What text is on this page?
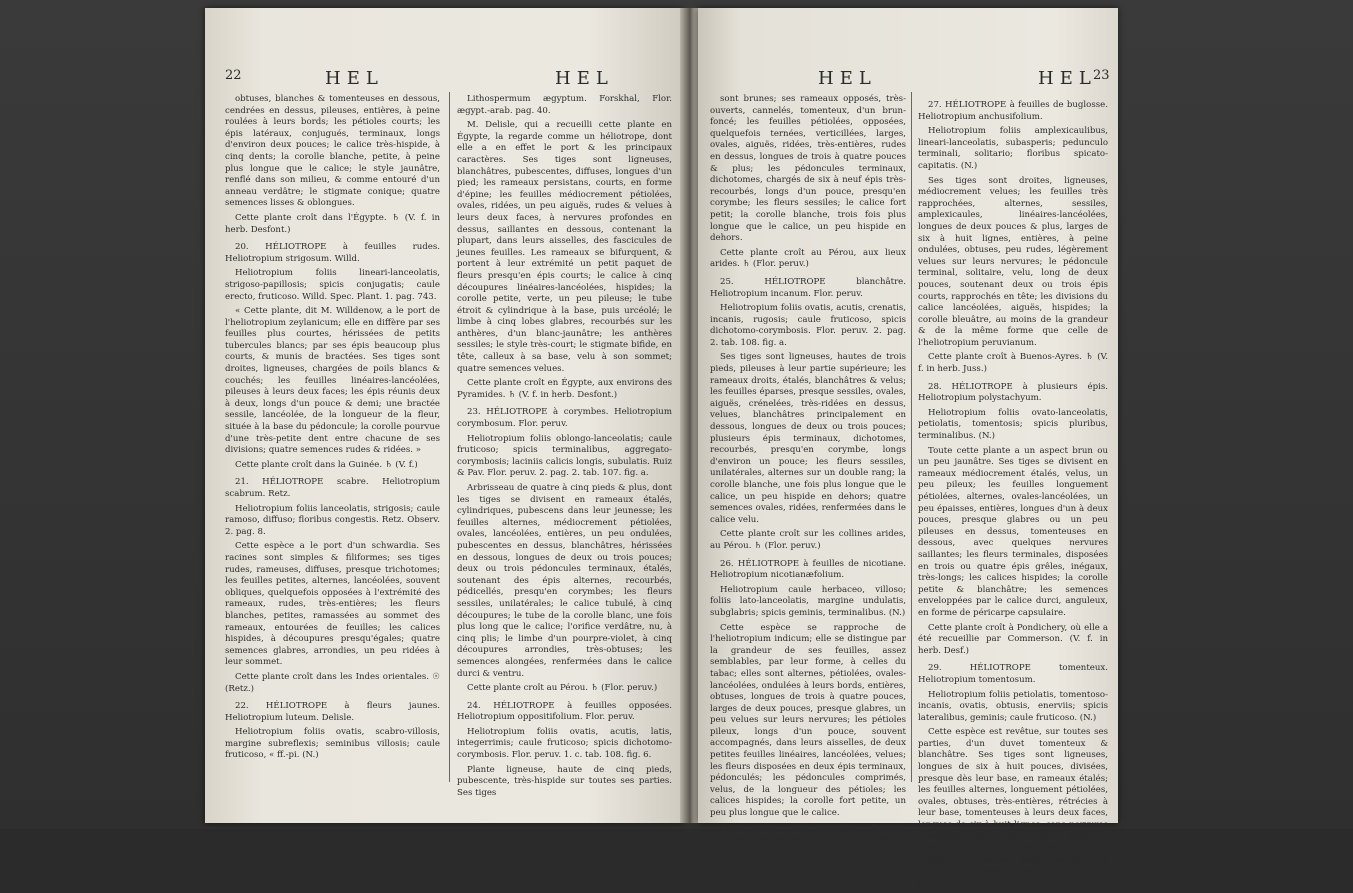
22	HEL	HEL

obtuses, blanches & tomenteuses en dessous, cendrées en dessus, pileuses, entières, à peine roulées à leurs bords; les pétioles courts; les épis latéraux, conjugués, terminaux, longs d'environ deux pouces; le calice très-hispide, à cinq dents; la corolle blanche, petite, à peine plus longue que le calice; le style jaunâtre, renflé dans son milieu, & comme entouré d'un anneau verdâtre; le stigmate conique; quatre semences lisses & oblongues.

Cette plante croît dans l'Égypte. ♄ (V. f. in herb. Desfont.)

20. HÉLIOTROPE à feuilles rudes. Heliotropium strigosum. Willd.

Heliotropium foliis lineari-lanceolatis, strigoso-papillosis; spicis conjugatis; caule erecto, fruticoso. Willd. Spec. Plant. 1. pag. 743.

« Cette plante, dit M. Willdenow, a le port de l'heliotropium zeylanicum; elle en diffère par ses feuilles plus courtes, hérissées de petits tubercules blancs; par ses épis beaucoup plus courts, & munis de bractées. Ses tiges sont droites, ligneuses, chargées de poils blancs & couchés; les feuilles linéaires-lancéolées, pileuses à leurs deux faces; les épis réunis deux à deux, longs d'un pouce & demi; une bractée sessile, lancéolée, de la longueur de la fleur, située à la base du pédoncule; la corolle pourvue d'une très-petite dent entre chacune de ses divisions; quatre semences rudes & ridées. »

Cette plante croît dans la Guinée. ♄ (V. f.)

21. HÉLIOTROPE scabre. Heliotropium scabrum. Retz.

Heliotropium foliis lanceolatis, strigosis; caule ramoso, diffuso; floribus congestis. Retz. Observ. 2. pag. 8.

Cette espèce a le port d'un schwardia. Ses racines sont simples & filiformes; ses tiges rudes, rameuses, diffuses, presque trichotomes; les feuilles petites, alternes, lancéolées, souvent obliques, quelquefois opposées à l'extrémité des rameaux, rudes, très-entières; les fleurs blanches, petites, ramassées au sommet des rameaux, entourées de feuilles; les calices hispides, à découpures presqu'égales; quatre semences glabres, arrondies, un peu ridées à leur sommet.

Cette plante croît dans les Indes orientales. ☉ (Retz.)

22. HÉLIOTROPE à fleurs jaunes. Heliotropium luteum. Delisle.

Heliotropium foliis ovatis, scabro-villosis, margine subreflexis; seminibus villosis; caule fruticoso, « ff.-pi. (N.)

Lithospermum ægyptum. Forskhal, Flor. ægypt.-arab. pag. 40.

M. Delisle, qui a recueilli cette plante en Égypte, la regarde comme un héliotrope, dont elle a en effet le port & les principaux caractères. Ses tiges sont ligneuses, blanchâtres, pubescentes, diffuses, longues d'un pied; les rameaux persistans, courts, en forme d'épine; les feuilles médiocrement pétiolées, ovales, ridées, un peu aiguës, rudes & velues à leurs deux faces, à nervures profondes en dessus, saillantes en dessous, contenant la plupart, dans leurs aisselles, des fascicules de jeunes feuilles. Les rameaux se bifurquent, & portent à leur extrémité un petit paquet de fleurs presqu'en épis courts; le calice à cinq découpures linéaires-lancéolées, hispides; la corolle petite, verte, un peu pileuse; le tube étroit & cylindrique à la base, puis urcéolé; le limbe à cinq lobes glabres, recourbés sur les anthères, d'un blanc-jaunâtre; les anthères sessiles; le style très-court; le stigmate bifide, en tête, calleux à sa base, velu à son sommet; quatre semences velues.

Cette plante croît en Égypte, aux environs des Pyramides. ♄ (V. f. in herb. Desfont.)

23. HÉLIOTROPE à corymbes. Heliotropium corymbosum. Flor. peruv.

Heliotropium foliis oblongo-lanceolatis; caule fruticoso; spicis terminalibus, aggregato-corymbosis; laciniis calicis longis, subulatis. Ruiz & Pav. Flor. peruv. 2. pag. 2. tab. 107. fig. a.

Arbrisseau de quatre à cinq pieds & plus, dont les tiges se divisent en rameaux étalés, cylindriques, pubescens dans leur jeunesse; les feuilles alternes, médiocrement pétiolées, ovales, lancéolées, entières, un peu ondulées, pubescentes en dessus, blanchâtres, hérissées en dessous, longues de deux ou trois pouces; deux ou trois pédoncules terminaux, étalés, soutenant des épis alternes, recourbés, pédicellés, presqu'en corymbes; les fleurs sessiles, unilatérales; le calice tubulé, à cinq découpures; le tube de la corolle blanc, une fois plus long que le calice; l'orifice verdâtre, nu, à cinq plis; le limbe d'un pourpre-violet, à cinq découpures arrondies, très-obtuses; les semences alongées, renfermées dans le calice durci & ventru.

Cette plante croît au Pérou. ♄ (Flor. peruv.)

24. HÉLIOTROPE à feuilles opposées. Heliotropium oppositifolium. Flor. peruv.

Heliotropium foliis ovatis, acutis, latis, integerrimis; caule fruticoso; spicis dichotomo-corymbosis. Flor. peruv. 1. c. tab. 108. fig. 6.

Plante ligneuse, haute de cinq pieds, pubescente, très-hispide sur toutes ses parties. Ses tiges

23
HEL	HEL

sont brunes; ses rameaux opposés, très-ouverts, cannelés, tomenteux, d'un brun-foncé; les feuilles pétiolées, opposées, quelquefois ternées, verticillées, larges, ovales, aiguës, ridées, très-entières, rudes en dessus, longues de trois à quatre pouces & plus; les pédoncules terminaux, dichotomes, chargés de six à neuf épis très-recourbés, longs d'un pouce, presqu'en corymbe; les fleurs sessiles; le calice fort petit; la corolle blanche, trois fois plus longue que le calice, un peu hispide en dehors.

Cette plante croît au Pérou, aux lieux arides. ♄ (Flor. peruv.)

25. HÉLIOTROPE blanchâtre. Heliotropium incanum. Flor. peruv.

Heliotropium foliis ovatis, acutis, crenatis, incanis, rugosis; caule fruticoso, spicis dichotomo-corymbosis. Flor. peruv. 2. pag. 2. tab. 108. fig. a.

Ses tiges sont ligneuses, hautes de trois pieds, pileuses à leur partie supérieure; les rameaux droits, étalés, blanchâtres & velus; les feuilles éparses, presque sessiles, ovales, aiguës, crénelées, très-ridées en dessus, velues, blanchâtres principalement en dessous, longues de deux ou trois pouces; plusieurs épis terminaux, dichotomes, recourbés, presqu'en corymbe, longs d'environ un pouce; les fleurs sessiles, unilatérales, alternes sur un double rang; la corolle blanche, une fois plus longue que le calice, un peu hispide en dehors; quatre semences ovales, ridées, renfermées dans le calice velu.

Cette plante croît sur les collines arides, au Pérou. ♄ (Flor. peruv.)

26. HÉLIOTROPE à feuilles de nicotiane. Heliotropium nicotianæfolium.

Heliotropium caule herbaceo, villoso; foliis lato-lanceolatis, margine undulatis, subglabris; spicis geminis, terminalibus. (N.)

Cette espèce se rapproche de l'heliotropium indicum; elle se distingue par la grandeur de ses feuilles, assez semblables, par leur forme, à celles du tabac; elles sont alternes, pétiolées, ovales-lancéolées, ondulées à leurs bords, entières, obtuses, longues de trois à quatre pouces, larges de deux pouces, presque glabres, un peu velues sur leurs nervures; les pétioles pileux, longs d'un pouce, souvent accompagnés, dans leurs aisselles, de deux petites feuilles linéaires, lancéolées, velues; les fleurs disposées en deux épis terminaux, pédonculés; les pédoncules comprimés, velus, de la longueur des pétioles; les calices hispides; la corolle fort petite, un peu plus longue que le calice.

Cette plante a été recueillie à Buenos-Ayres par Commerson. (V. f. in herb. Juss.)

27. HÉLIOTROPE à feuilles de buglosse. Heliotropium anchusifolium.

Heliotropium foliis amplexicaulibus, lineari-lanceolatis, subasperis; pedunculo terminali, solitario; floribus spicato-capitatis. (N.)

Ses tiges sont droites, ligneuses, médiocrement velues; les feuilles très rapprochées, alternes, sessiles, amplexicaules, linéaires-lancéolées, longues de deux pouces & plus, larges de six à huit lignes, entières, à peine ondulées, obtuses, peu rudes, légèrement velues sur leurs nervures; le pédoncule terminal, solitaire, velu, long de deux pouces, soutenant deux ou trois épis courts, rapprochés en tête; les divisions du calice lancéolées, aiguës, hispides; la corolle bleuâtre, au moins de la grandeur & de la même forme que celle de l'heliotropium peruvianum.

Cette plante croît à Buenos-Ayres. ♄ (V. f. in herb. Juss.)

28. HÉLIOTROPE à plusieurs épis. Heliotropium polystachyum.

Heliotropium foliis ovato-lanceolatis, petiolatis, tomentosis; spicis pluribus, terminalibus. (N.)

Toute cette plante a un aspect brun ou un peu jaunâtre. Ses tiges se divisent en rameaux médiocrement étalés, velus, un peu pileux; les feuilles longuement pétiolées, alternes, ovales-lancéolées, un peu épaisses, entières, longues d'un à deux pouces, presque glabres ou un peu pileuses en dessus, tomenteuses en dessous, avec quelques nervures saillantes; les fleurs terminales, disposées en trois ou quatre épis grêles, inégaux, très-longs; les calices hispides; la corolle petite & blanchâtre; les semences enveloppées par le calice durci, anguleux, en forme de péricarpe capsulaire.

Cette plante croît à Pondichery, où elle a été recueillie par Commerson. (V. f. in herb. Desf.)

29. HÉLIOTROPE tomenteux. Heliotropium tomentosum.

Heliotropium foliis petiolatis, tomentoso-incanis, ovatis, obtusis, enerviis; spicis lateralibus, geminis; caule fruticoso. (N.)

Cette espèce est revêtue, sur toutes ses parties, d'un duvet tomenteux & blanchâtre. Ses tiges sont ligneuses, longues de six à huit pouces, divisées, presque dès leur base, en rameaux étalés; les feuilles alternes, longuement pétiolées, ovales, obtuses, très-entières, rétrécies à leur base, tomenteuses à leurs deux faces, longues de six à huit lignes, sans nervures sensibles; les pédoncules latéraux, terminés par deux épis droits, un peu roulés à leur sommet, longs d'un pouce, à fleurs unilatérales, accompagnées de petites
